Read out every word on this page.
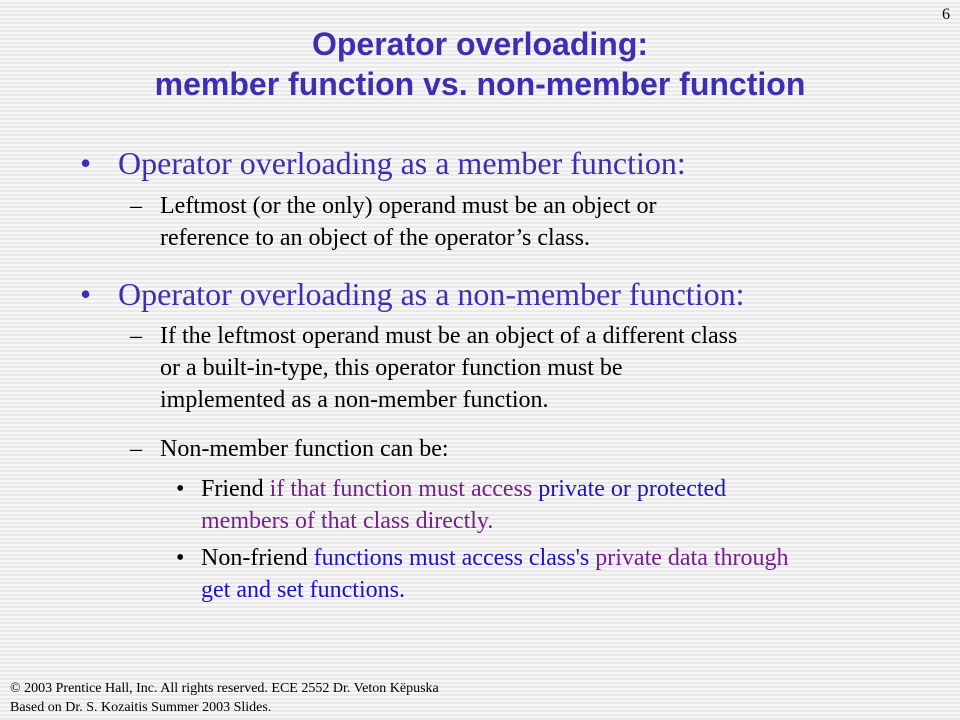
6
Operator overloading:
member function vs. non-member function
• Operator overloading as a member function:
– Leftmost (or the only) operand must be an object or
reference to an object of the operator’s class.
• Operator overloading as a non-member function:
– If the leftmost operand must be an object of a different class
or a built-in-type, this operator function must be
implemented as a non-member function.
– Non-member function can be:
• Friend if that function must access private or protected
members of that class directly.
• Non-friend functions must access class's private data through
get and set functions.
© 2003 Prentice Hall, Inc. All rights reserved. ECE 2552 Dr. Veton Këpuska
Based on Dr. S. Kozaitis Summer 2003 Slides.
